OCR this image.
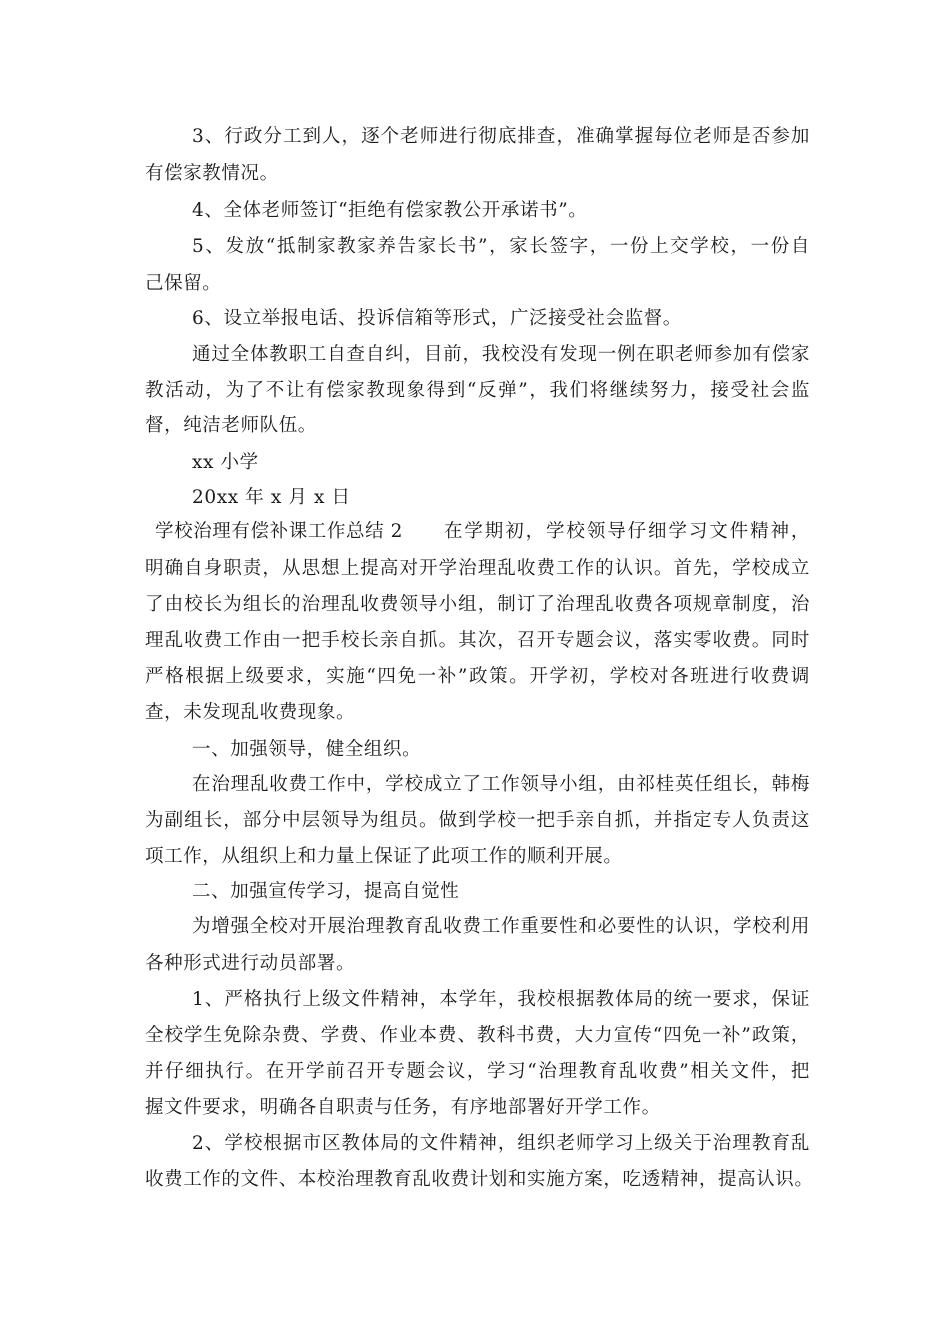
3、行政分工到人，逐个老师进行彻底排查，准确掌握每位老师是否参加
有偿家教情况。
4、全体老师签订“拒绝有偿家教公开承诺书”。
5、发放“抵制家教家养告家长书”，家长签字，一份上交学校，一份自
己保留。
6、设立举报电话、投诉信箱等形式，广泛接受社会监督。
通过全体教职工自查自纠，目前，我校没有发现一例在职老师参加有偿家
教活动，为了不让有偿家教现象得到“反弹”，我们将继续努力，接受社会监
督，纯洁老师队伍。
xx 小学
20xx 年 x 月 x 日
学校治理有偿补课工作总结 2	在学期初，学校领导仔细学习文件精神，
明确自身职责，从思想上提高对开学治理乱收费工作的认识。首先，学校成立
了由校长为组长的治理乱收费领导小组，制订了治理乱收费各项规章制度，治
理乱收费工作由一把手校长亲自抓。其次，召开专题会议，落实零收费。同时
严格根据上级要求，实施“四免一补”政策。开学初，学校对各班进行收费调
查，未发现乱收费现象。
一、加强领导，健全组织。
在治理乱收费工作中，学校成立了工作领导小组，由祁桂英任组长，韩梅
为副组长，部分中层领导为组员。做到学校一把手亲自抓，并指定专人负责这
项工作，从组织上和力量上保证了此项工作的顺利开展。
二、加强宣传学习，提高自觉性
为增强全校对开展治理教育乱收费工作重要性和必要性的认识，学校利用
各种形式进行动员部署。
1、严格执行上级文件精神，本学年，我校根据教体局的统一要求，保证
全校学生免除杂费、学费、作业本费、教科书费，大力宣传“四免一补”政策，
并仔细执行。在开学前召开专题会议，学习“治理教育乱收费”相关文件，把
握文件要求，明确各自职责与任务，有序地部署好开学工作。
2、学校根据市区教体局的文件精神，组织老师学习上级关于治理教育乱
收费工作的文件、本校治理教育乱收费计划和实施方案，吃透精神，提高认识。
